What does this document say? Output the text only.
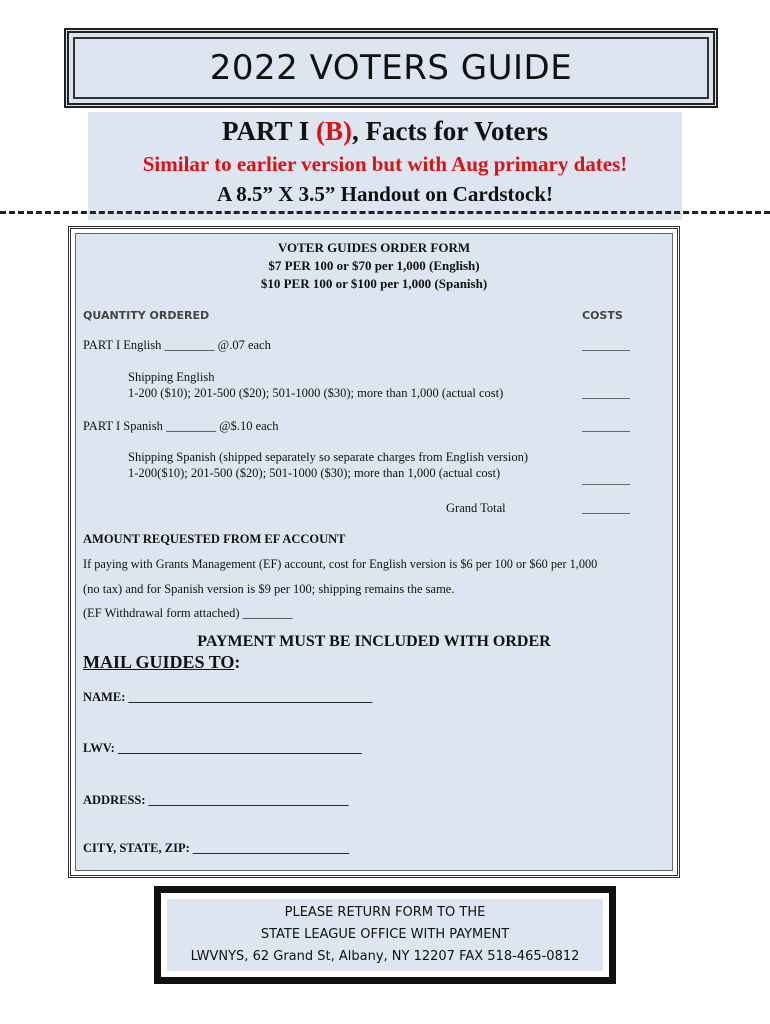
2022 VOTERS GUIDE
PART I (B), Facts for Voters
Similar to earlier version but with Aug primary dates!
A 8.5” X 3.5” Handout on Cardstock!
VOTER GUIDES ORDER FORM
$7 PER 100 or $70 per 1,000 (English)
$10 PER 100 or $100 per 1,000 (Spanish)
QUANTITY ORDERED	COSTS
PART I English ________ @.07 each	________
Shipping English
1-200 ($10); 201-500 ($20); 501-1000 ($30); more than 1,000 (actual cost)	________
PART I Spanish ________ @$.10 each	________
Shipping Spanish (shipped separately so separate charges from English version)
1-200($10); 201-500 ($20); 501-1000 ($30); more than 1,000 (actual cost)	________
Grand Total	________
AMOUNT REQUESTED FROM EF ACCOUNT
If paying with Grants Management (EF) account, cost for English version is $6 per 100 or $60 per 1,000
(no tax) and for Spanish version is $9 per 100; shipping remains the same.
(EF Withdrawal form attached) ________
PAYMENT MUST BE INCLUDED WITH ORDER
MAIL GUIDES TO:
NAME: _______________________________________
LWV: _______________________________________
ADDRESS: ________________________________
CITY, STATE, ZIP: _________________________
PLEASE RETURN FORM TO THE
STATE LEAGUE OFFICE WITH PAYMENT
LWVNYS, 62 Grand St, Albany, NY 12207 FAX 518-465-0812
